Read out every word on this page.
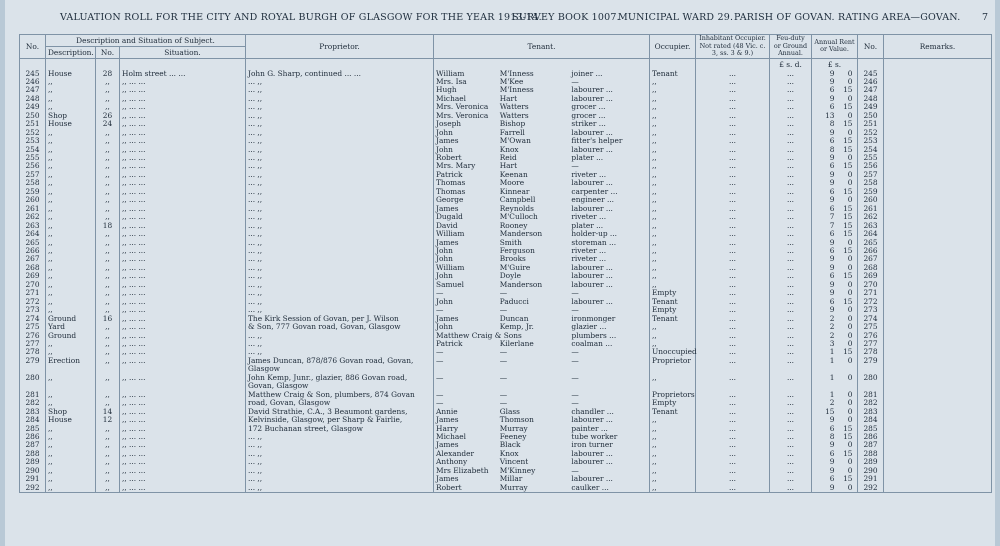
VALUATION ROLL FOR THE CITY AND ROYAL BURGH OF GLASGOW FOR THE YEAR 1913-14.
SURVEY BOOK 1007.
MUNICIPAL WARD 29. PARISH OF GOVAN. RATING AREA—GOVAN. 7
No.	Description and Situation of Subject.			Proprietor.	Tenant.	Occupier.	Inhabitant Occupier. Not rated (48 Vic. c. 3, ss. 3 & 9.)	Feu-duty or Ground Annual.	Annual Rent or Value.	No.	Remarks.
	Description.	No.	Situation.								
								£ s. d.	£ s.		
245	House	28	Holm street ... ...	John G. Sharp, continued ... ...	William M'Inness joiner ...	Tenant	...	...	9 0	245	
246	,,	,,	,, ... ...	... ,,	Mrs. Isa M'Kee —	,,	...	...	9 0	246	
247	,,	,,	,, ... ...	... ,,	Hugh M'Inness labourer ...	,,	...	...	6 15	247	
248	,,	,,	,, ... ...	... ,,	Michael Hart labourer ...	,,	...	...	9 0	248	
249	,,	,,	,, ... ...	... ,,	Mrs. Veronica Watters grocer ...	,,	...	...	6 15	249	
250	Shop	26	,, ... ...	... ,,	Mrs. Veronica Watters grocer ...	,,	...	...	13 0	250	
251	House	24	,, ... ...	... ,,	Joseph Bishop striker ...	,,	...	...	8 15	251	
252	,,	,,	,, ... ...	... ,,	John Farrell labourer ...	,,	...	...	9 0	252	
253	,,	,,	,, ... ...	... ,,	James M'Owan fitter's helper	,,	...	...	6 15	253	
254	,,	,,	,, ... ...	... ,,	John Knox labourer ...	,,	...	...	8 15	254	
255	,,	,,	,, ... ...	... ,,	Robert Reid plater ...	,,	...	...	9 0	255	
256	,,	,,	,, ... ...	... ,,	Mrs. Mary Hart —	,,	...	...	6 15	256	
257	,,	,,	,, ... ...	... ,,	Patrick Keenan riveter ...	,,	...	...	9 0	257	
258	,,	,,	,, ... ...	... ,,	Thomas Moore labourer ...	,,	...	...	9 0	258	
259	,,	,,	,, ... ...	... ,,	Thomas Kinnear carpenter ...	,,	...	...	6 15	259	
260	,,	,,	,, ... ...	... ,,	George Campbell engineer ...	,,	...	...	9 0	260	
261	,,	,,	,, ... ...	... ,,	James Reynolds labourer ...	,,	...	...	6 15	261	
262	,,	,,	,, ... ...	... ,,	Dugald M'Culloch riveter ...	,,	...	...	7 15	262	
263	,,	18	,, ... ...	... ,,	David Rooney plater ...	,,	...	...	7 15	263	
264	,,	,,	,, ... ...	... ,,	William Manderson holder-up ...	,,	...	...	6 15	264	
265	,,	,,	,, ... ...	... ,,	James Smith storeman ...	,,	...	...	9 0	265	
266	,,	,,	,, ... ...	... ,,	John Ferguson riveter ...	,,	...	...	6 15	266	
267	,,	,,	,, ... ...	... ,,	John Brooks riveter ...	,,	...	...	9 0	267	
268	,,	,,	,, ... ...	... ,,	William M'Guire labourer ...	,,	...	...	9 0	268	
269	,,	,,	,, ... ...	... ,,	John Doyle labourer ...	,,	...	...	6 15	269	
270	,,	,,	,, ... ...	... ,,	Samuel Manderson labourer ...	,,	...	...	9 0	270	
271	,,	,,	,, ... ...	... ,,	— — —	Empty	...	...	9 0	271	
272	,,	,,	,, ... ...	... ,,	John Paducci labourer ...	Tenant	...	...	6 15	272	
273	,,	,,	,, ... ...	... ,,	— — —	Empty	...	...	9 0	273	
274	Ground	16	,, ... ...	The Kirk Session of Govan, per J. Wilson	James Duncan ironmonger	Tenant	...	...	2 0	274	
275	Yard	,,	,, ... ...	& Son, 777 Govan road, Govan, Glasgow	John Kemp, Jr. glazier ...	,,	...	...	2 0	275	
276	Ground	,,	,, ... ...	... ,,	Matthew Craig & Sons plumbers ...	,,	...	...	2 0	276	
277	,,	,,	,, ... ...	... ,,	Patrick Kilerlane coalman ...	,,	...	...	3 0	277	
278	,,	,,	,, ... ...	... ,,	— — —	Unoccupied	...	...	1 15	278	
279	Erection	,,	,, ... ...	James Duncan, 878/876 Govan road, Govan,	— — —	Proprietor	...	...	1 0	279	
				Glasgow	

280	,,	,,	,, ... ...	John Kemp, Junr., glazier, 886 Govan road,	— — —	,,	...	...	1 0	280	
				Govan, Glasgow	

281	,,	,,	,, ... ...	Matthew Craig & Son, plumbers, 874 Govan	— — —	Proprietors	...	...	1 0	281	
282	,,	,,	,, ... ...	road, Govan, Glasgow	— — —	Empty	...	...	2 0	282	
283	Shop	14	,, ... ...	David Strathie, C.A., 3 Beaumont gardens,	Annie Glass chandler ...	Tenant	...	...	15 0	283	
284	House	12	,, ... ...	Kelvinside, Glasgow, per Sharp & Fairlie,	James Thomson labourer ...	,,	...	...	9 0	284	
285	,,	,,	,, ... ...	172 Buchanan street, Glasgow	Harry Murray painter ...	,,	...	...	6 15	285	
286	,,	,,	,, ... ...	... ,,	Michael Feeney tube worker	,,	...	...	8 15	286	
287	,,	,,	,, ... ...	... ,,	James Black iron turner	,,	...	...	9 0	287	
288	,,	,,	,, ... ...	... ,,	Alexander Knox labourer ...	,,	...	...	6 15	288	
289	,,	,,	,, ... ...	... ,,	Anthony Vincent labourer ...	,,	...	...	9 0	289	
290	,,	,,	,, ... ...	... ,,	Mrs Elizabeth M'Kinney —	,,	...	...	9 0	290	
291	,,	,,	,, ... ...	... ,,	James Millar labourer ...	,,	...	...	6 15	291	
292	,,	,,	,, ... ...	... ,,	Robert Murray caulker ...	,,	...	...	9 0	292	
